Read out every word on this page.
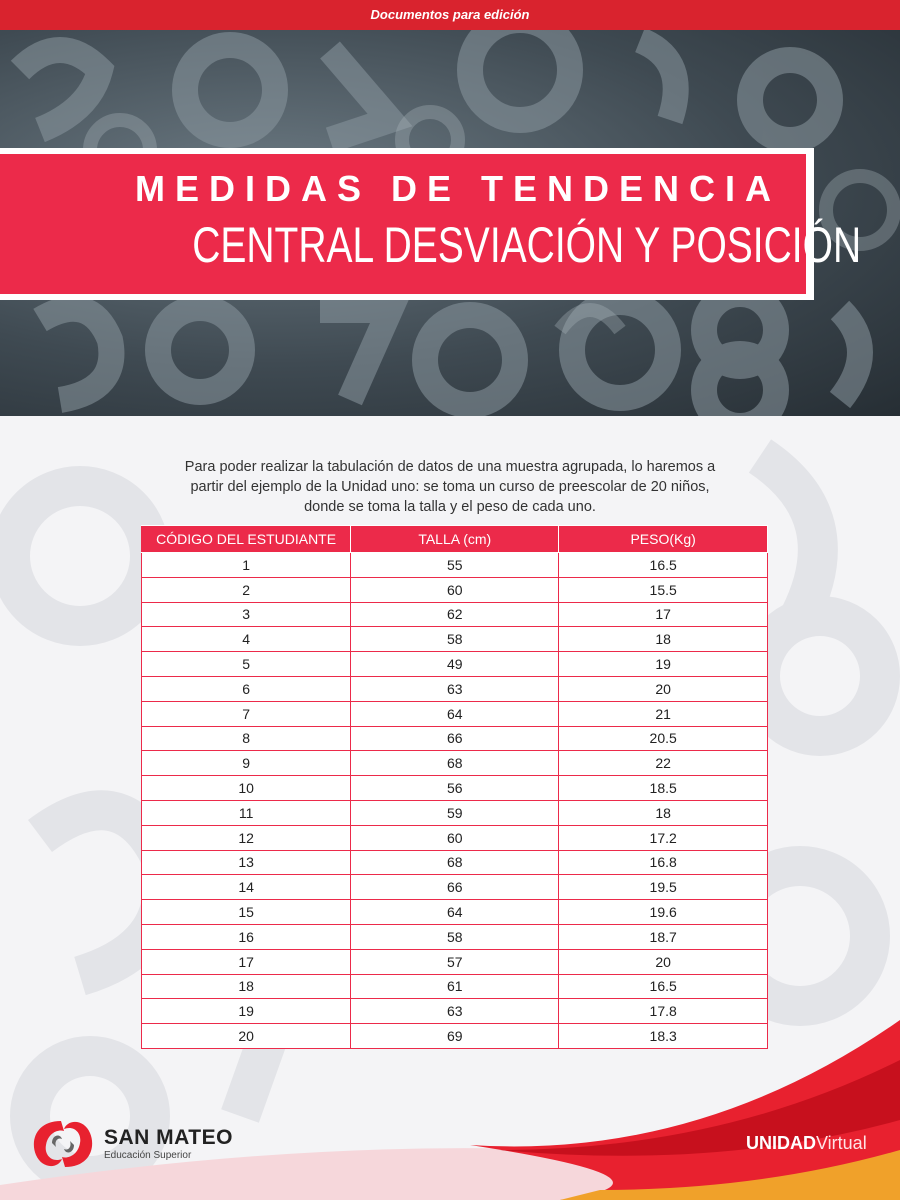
Documentos para edición
MEDIDAS DE TENDENCIA
CENTRAL DESVIACIÓN Y POSICIÓN

Para poder realizar la tabulación de datos de una muestra agrupada, lo haremos a partir del ejemplo de la Unidad uno: se toma un curso de preescolar de 20 niños, donde se toma la talla y el peso de cada uno.

CÓDIGO DEL ESTUDIANTE	TALLA (cm)	PESO(Kg)
1	55	16.5
2	60	15.5
3	62	17
4	58	18
5	49	19
6	63	20
7	64	21
8	66	20.5
9	68	22
10	56	18.5
11	59	18
12	60	17.2
13	68	16.8
14	66	19.5
15	64	19.6
16	58	18.7
17	57	20
18	61	16.5
19	63	17.8
20	69	18.3
SAN MATEO
Educación Superior
UNIDADVirtual
